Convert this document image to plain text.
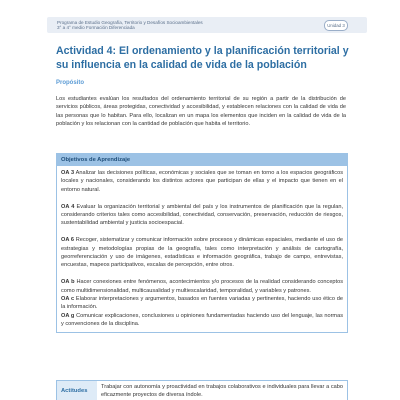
Programa de Estudio Geografía, Territorio y Desafíos Socioambientales
3° a 4° medio Formación Diferenciada	Unidad 3
Actividad 4: El ordenamiento y la planificación territorial y su influencia en la calidad de vida de la población
Propósito

Los estudiantes evalúan los resultados del ordenamiento territorial de su región a partir de la distribución de servicios públicos, áreas protegidas, conectividad y accesibilidad, y establecen relaciones con la calidad de vida de las personas que lo habitan. Para ello, localizan en un mapa los elementos que inciden en la calidad de vida de la población y los relacionan con la cantidad de población que habita el territorio.

Objetivos de Aprendizaje

OA 3 Analizar las decisiones políticas, económicas y sociales que se toman en torno a los espacios geográficos locales y nacionales, considerando los distintos actores que participan de ellas y el impacto que tienen en el entorno natural.

OA 4 Evaluar la organización territorial y ambiental del país y los instrumentos de planificación que la regulan, considerando criterios tales como accesibilidad, conectividad, conservación, preservación, reducción de riesgos, sustentabilidad ambiental y justicia socioespacial.

OA 6 Recoger, sistematizar y comunicar información sobre procesos y dinámicas espaciales, mediante el uso de estrategias y metodologías propias de la geografía, tales como interpretación y análisis de cartografía, georreferenciación y uso de imágenes, estadísticas e información geográfica, trabajo de campo, entrevistas, encuestas, mapeos participativos, escalas de percepción, entre otros.

OA b Hacer conexiones entre fenómenos, acontecimientos y/o procesos de la realidad considerando conceptos como multidimensionalidad, multicausalidad y multiescalaridad, temporalidad, y variables y patrones.

OA c Elaborar interpretaciones y argumentos, basados en fuentes variadas y pertinentes, haciendo uso ético de la información.

OA g Comunicar explicaciones, conclusiones u opiniones fundamentadas haciendo uso del lenguaje, las normas y convenciones de la disciplina.

Actitudes

Trabajar con autonomía y proactividad en trabajos colaborativos e individuales para llevar a cabo eficazmente proyectos de diversa índole.
